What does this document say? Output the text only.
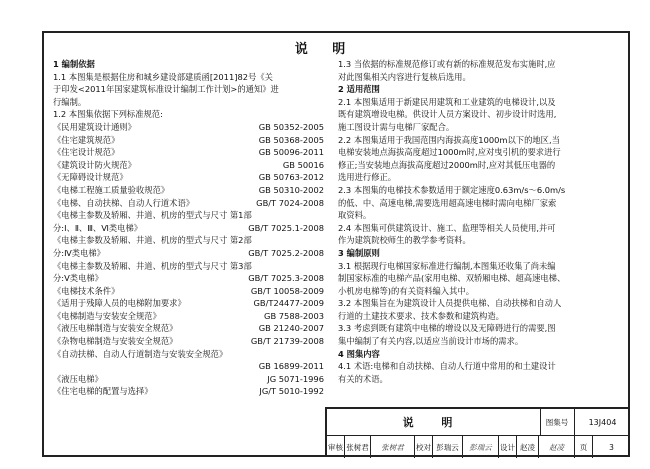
说 明
1 编制依据
1.1 本图集是根据住房和城乡建设部建质函[2011]82号《关
于印发<2011年国家建筑标准设计编制工作计划>的通知》进
行编制。
1.2 本图集依据下列标准规范:
《民用建筑设计通则》	GB 50352-2005
《住宅建筑规范》	GB 50368-2005
《住宅设计规范》	GB 50096-2011
《建筑设计防火规范》	GB 50016
《无障碍设计规范》	GB 50763-2012
《电梯工程施工质量验收规范》	GB 50310-2002
《电梯、自动扶梯、自动人行道术语》	GB/T 7024-2008
《电梯主参数及轿厢、井道、机房的型式与尺寸 第1部
分:Ⅰ、Ⅱ、Ⅲ、Ⅵ类电梯》	GB/T 7025.1-2008
《电梯主参数及轿厢、井道、机房的型式与尺寸 第2部
分:Ⅳ类电梯》	GB/T 7025.2-2008
《电梯主参数及轿厢、井道、机房的型式与尺寸 第3部
分:Ⅴ类电梯》	GB/T 7025.3-2008
《电梯技术条件》	GB/T 10058-2009
《适用于残障人员的电梯附加要求》	GB/T24477-2009
《电梯制造与安装安全规范》	GB 7588-2003
《液压电梯制造与安装安全规范》	GB 21240-2007
《杂物电梯制造与安装安全规范》	GB/T 21739-2008
《自动扶梯、自动人行道制造与安装安全规范》
GB 16899-2011
《液压电梯》	JG 5071-1996
《住宅电梯的配置与选择》	JG/T 5010-1992
1.3 当依据的标准规范修订或有新的标准规范发布实施时,应
对此图集相关内容进行复核后选用。
2 适用范围
2.1 本图集适用于新建民用建筑和工业建筑的电梯设计,以及
既有建筑增设电梯。供设计人员方案设计、初步设计时选用,
施工图设计需与电梯厂家配合。
2.2 本图集适用于我国范围内海拔高度1000m以下的地区,当
电梯安装地点海拔高度超过1000m时,应对曳引机的要求进行
修正;当安装地点海拔高度超过2000m时,应对其低压电器的
选用进行修正。
2.3 本图集的电梯技术参数适用于额定速度0.63m/s～6.0m/s
的低、中、高速电梯,需要选用超高速电梯时需向电梯厂家索
取资料。
2.4 本图集可供建筑设计、施工、监理等相关人员使用,并可
作为建筑院校师生的教学参考资料。
3 编制原则
3.1 根据现行电梯国家标准进行编制,本图集还收集了尚未编
制国家标准的电梯产品(家用电梯、双轿厢电梯、超高速电梯、
小机房电梯等)的有关资料编入其中。
3.2 本图集旨在为建筑设计人员提供电梯、自动扶梯和自动人
行道的土建技术要求、技术参数和建筑构造。
3.3 考虑到既有建筑中电梯的增设以及无障碍进行的需要,图
集中编制了有关内容,以适应当前设计市场的需求。
4 图集内容
4.1 术语:电梯和自动扶梯、自动人行道中常用的和土建设计
有关的术语。
说 明	图集号	13J404
审核 张树君	张树君	校对 彭瑞云	彭瑞云	设计 赵凌	赵凌	页	3
